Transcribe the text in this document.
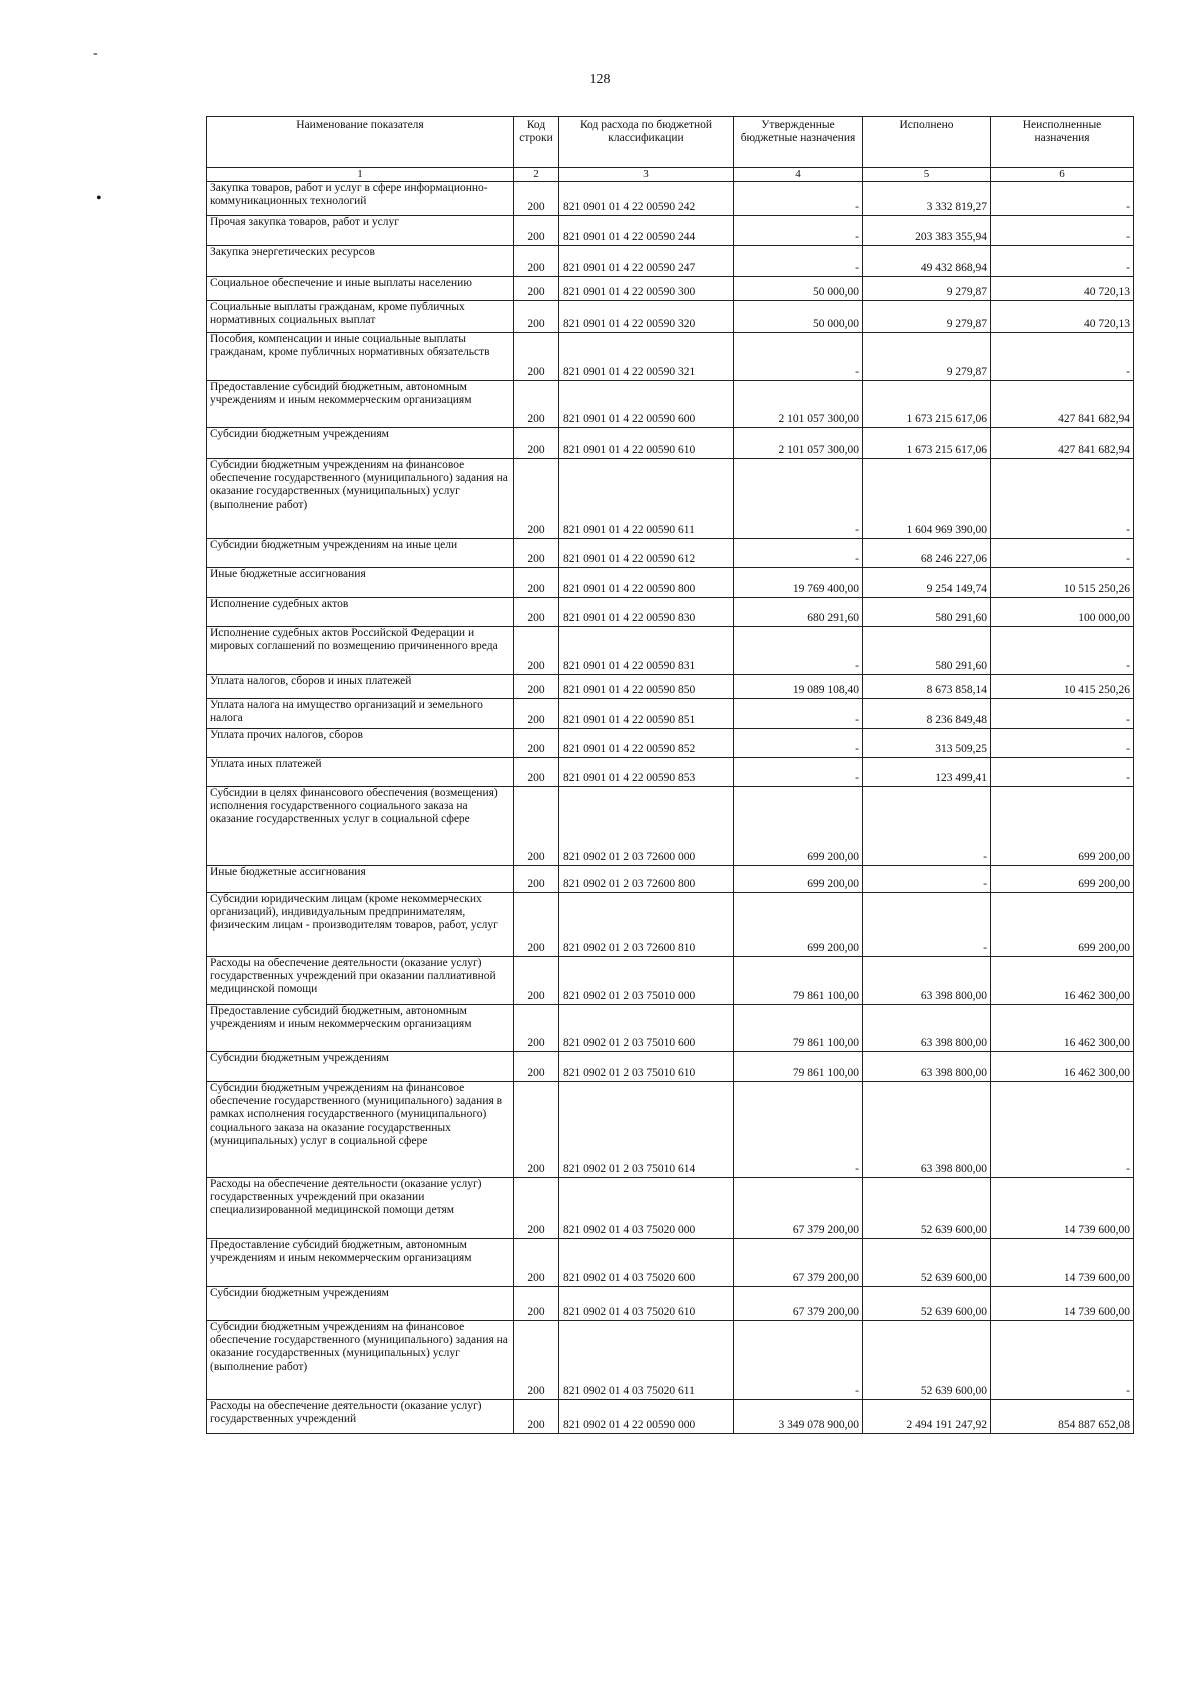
-
•
128
Наименование показателя	Код строки	Код расхода по бюджетной классификации	Утвержденные бюджетные назначения	Исполнено	Неисполненные назначения
1	2	3	4	5	6
Закупка товаров, работ и услуг в сфере информационно-коммуникационных технологий	200	821 0901 01 4 22 00590 242	-	3 332 819,27	-
Прочая закупка товаров, работ и услуг	200	821 0901 01 4 22 00590 244	-	203 383 355,94	-
Закупка энергетических ресурсов	200	821 0901 01 4 22 00590 247	-	49 432 868,94	-
Социальное обеспечение и иные выплаты населению	200	821 0901 01 4 22 00590 300	50 000,00	9 279,87	40 720,13
Социальные выплаты гражданам, кроме публичных нормативных социальных выплат	200	821 0901 01 4 22 00590 320	50 000,00	9 279,87	40 720,13
Пособия, компенсации и иные социальные выплаты гражданам, кроме публичных нормативных обязательств	200	821 0901 01 4 22 00590 321	-	9 279,87	-
Предоставление субсидий бюджетным, автономным учреждениям и иным некоммерческим организациям	200	821 0901 01 4 22 00590 600	2 101 057 300,00	1 673 215 617,06	427 841 682,94
Субсидии бюджетным учреждениям	200	821 0901 01 4 22 00590 610	2 101 057 300,00	1 673 215 617,06	427 841 682,94
Субсидии бюджетным учреждениям на финансовое обеспечение государственного (муниципального) задания на оказание государственных (муниципальных) услуг (выполнение работ)	200	821 0901 01 4 22 00590 611	-	1 604 969 390,00	-
Субсидии бюджетным учреждениям на иные цели	200	821 0901 01 4 22 00590 612	-	68 246 227,06	-
Иные бюджетные ассигнования	200	821 0901 01 4 22 00590 800	19 769 400,00	9 254 149,74	10 515 250,26
Исполнение судебных актов	200	821 0901 01 4 22 00590 830	680 291,60	580 291,60	100 000,00
Исполнение судебных актов Российской Федерации и мировых соглашений по возмещению причиненного вреда	200	821 0901 01 4 22 00590 831	-	580 291,60	-
Уплата налогов, сборов и иных платежей	200	821 0901 01 4 22 00590 850	19 089 108,40	8 673 858,14	10 415 250,26
Уплата налога на имущество организаций и земельного налога	200	821 0901 01 4 22 00590 851	-	8 236 849,48	-
Уплата прочих налогов, сборов	200	821 0901 01 4 22 00590 852	-	313 509,25	-
Уплата иных платежей	200	821 0901 01 4 22 00590 853	-	123 499,41	-
Субсидии в целях финансового обеспечения (возмещения) исполнения государственного социального заказа на оказание государственных услуг в социальной сфере	200	821 0902 01 2 03 72600 000	699 200,00	-	699 200,00
Иные бюджетные ассигнования	200	821 0902 01 2 03 72600 800	699 200,00	-	699 200,00
Субсидии юридическим лицам (кроме некоммерческих организаций), индивидуальным предпринимателям, физическим лицам - производителям товаров, работ, услуг	200	821 0902 01 2 03 72600 810	699 200,00	-	699 200,00
Расходы на обеспечение деятельности (оказание услуг) государственных учреждений при оказании паллиативной медицинской помощи	200	821 0902 01 2 03 75010 000	79 861 100,00	63 398 800,00	16 462 300,00
Предоставление субсидий бюджетным, автономным учреждениям и иным некоммерческим организациям	200	821 0902 01 2 03 75010 600	79 861 100,00	63 398 800,00	16 462 300,00
Субсидии бюджетным учреждениям	200	821 0902 01 2 03 75010 610	79 861 100,00	63 398 800,00	16 462 300,00
Субсидии бюджетным учреждениям на финансовое обеспечение государственного (муниципального) задания в рамках исполнения государственного (муниципального) социального заказа на оказание государственных (муниципальных) услуг в социальной сфере	200	821 0902 01 2 03 75010 614	-	63 398 800,00	-
Расходы на обеспечение деятельности (оказание услуг) государственных учреждений при оказании специализированной медицинской помощи детям	200	821 0902 01 4 03 75020 000	67 379 200,00	52 639 600,00	14 739 600,00
Предоставление субсидий бюджетным, автономным учреждениям и иным некоммерческим организациям	200	821 0902 01 4 03 75020 600	67 379 200,00	52 639 600,00	14 739 600,00
Субсидии бюджетным учреждениям	200	821 0902 01 4 03 75020 610	67 379 200,00	52 639 600,00	14 739 600,00
Субсидии бюджетным учреждениям на финансовое обеспечение государственного (муниципального) задания на оказание государственных (муниципальных) услуг (выполнение работ)	200	821 0902 01 4 03 75020 611	-	52 639 600,00	-
Расходы на обеспечение деятельности (оказание услуг) государственных учреждений	200	821 0902 01 4 22 00590 000	3 349 078 900,00	2 494 191 247,92	854 887 652,08
